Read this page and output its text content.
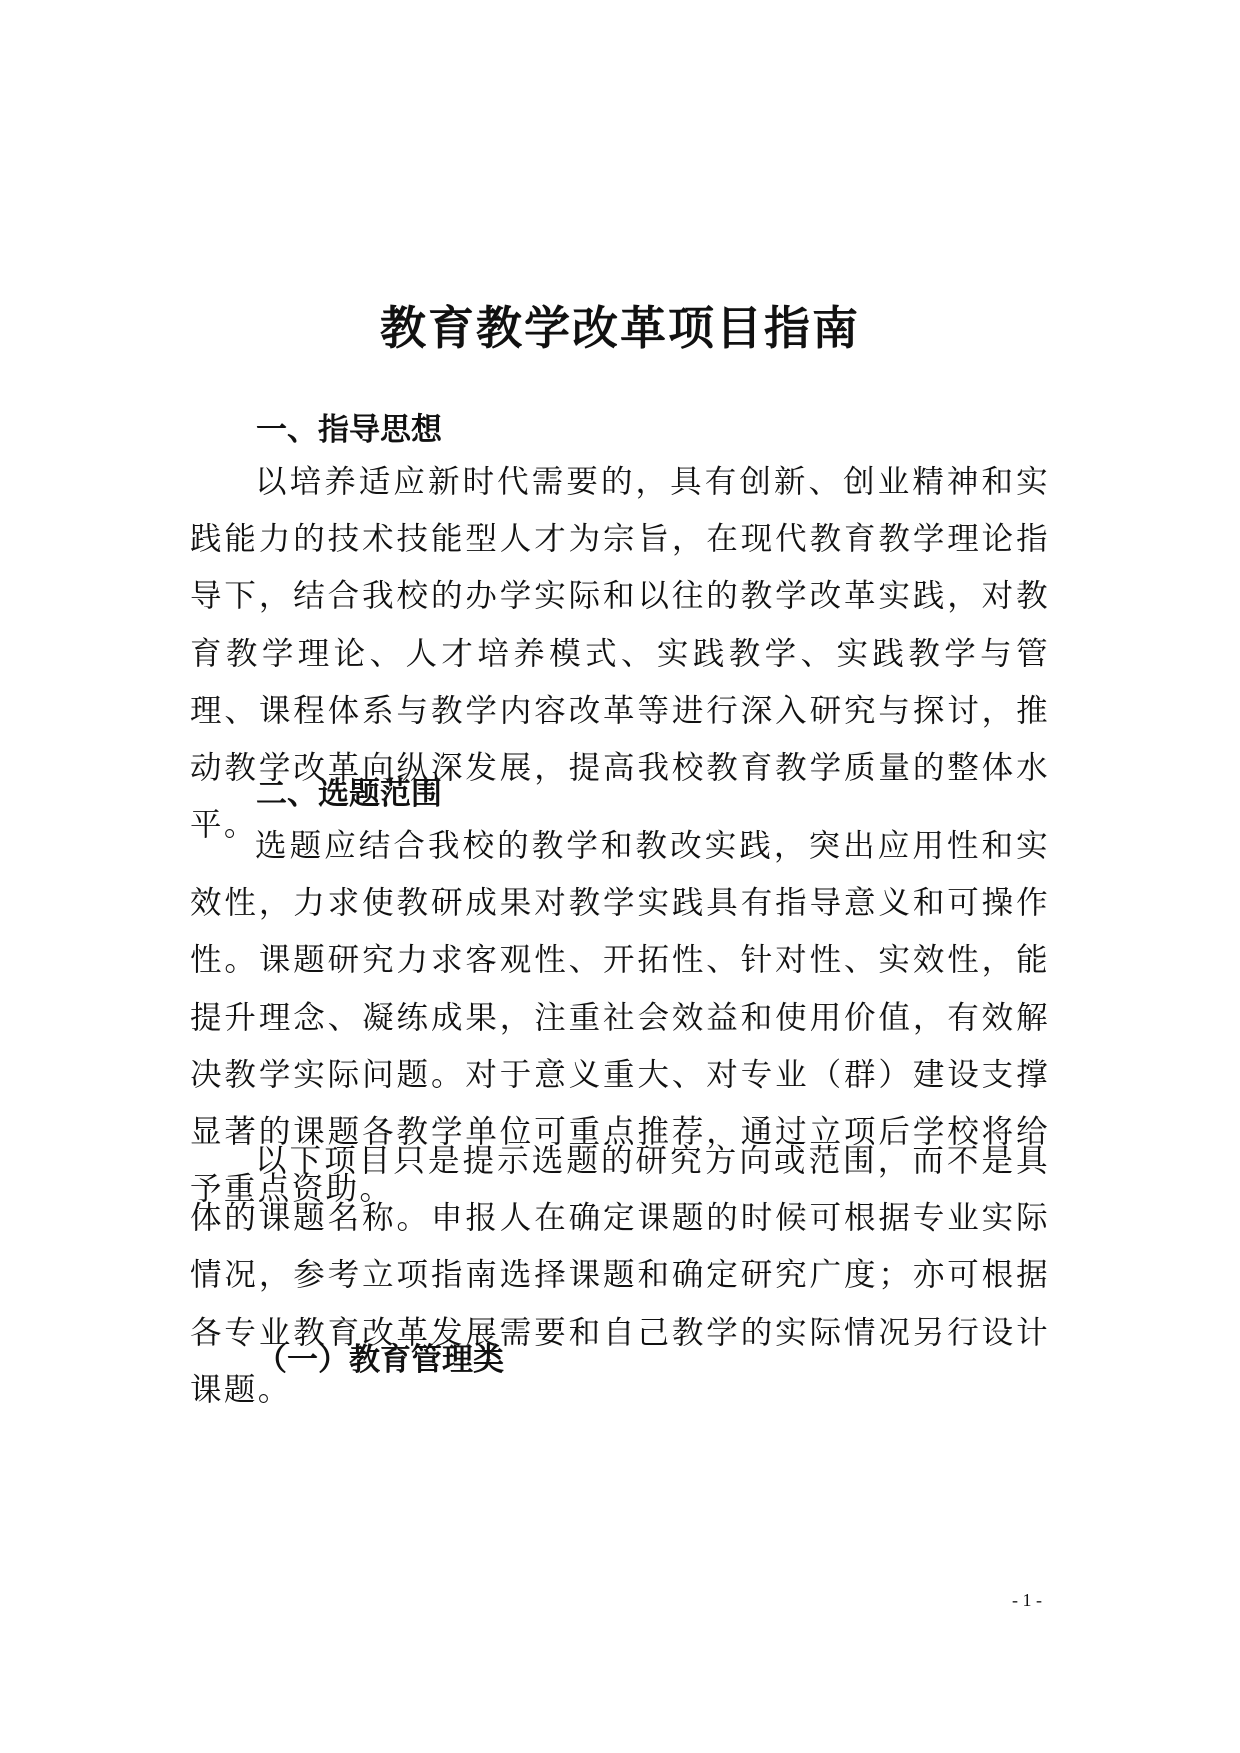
教育教学改革项目指南
一、指导思想

以培养适应新时代需要的，具有创新、创业精神和实践能力的技术技能型人才为宗旨，在现代教育教学理论指导下，结合我校的办学实际和以往的教学改革实践，对教育教学理论、人才培养模式、实践教学、实践教学与管理、课程体系与教学内容改革等进行深入研究与探讨，推动教学改革向纵深发展，提高我校教育教学质量的整体水平。

二、选题范围

选题应结合我校的教学和教改实践，突出应用性和实效性，力求使教研成果对教学实践具有指导意义和可操作性。课题研究力求客观性、开拓性、针对性、实效性，能提升理念、凝练成果，注重社会效益和使用价值，有效解决教学实际问题。对于意义重大、对专业（群）建设支撑显著的课题各教学单位可重点推荐，通过立项后学校将给予重点资助。

以下项目只是提示选题的研究方向或范围，而不是具体的课题名称。申报人在确定课题的时候可根据专业实际情况，参考立项指南选择课题和确定研究广度；亦可根据各专业教育改革发展需要和自己教学的实际情况另行设计课题。

（一）教育管理类
- 1 -
